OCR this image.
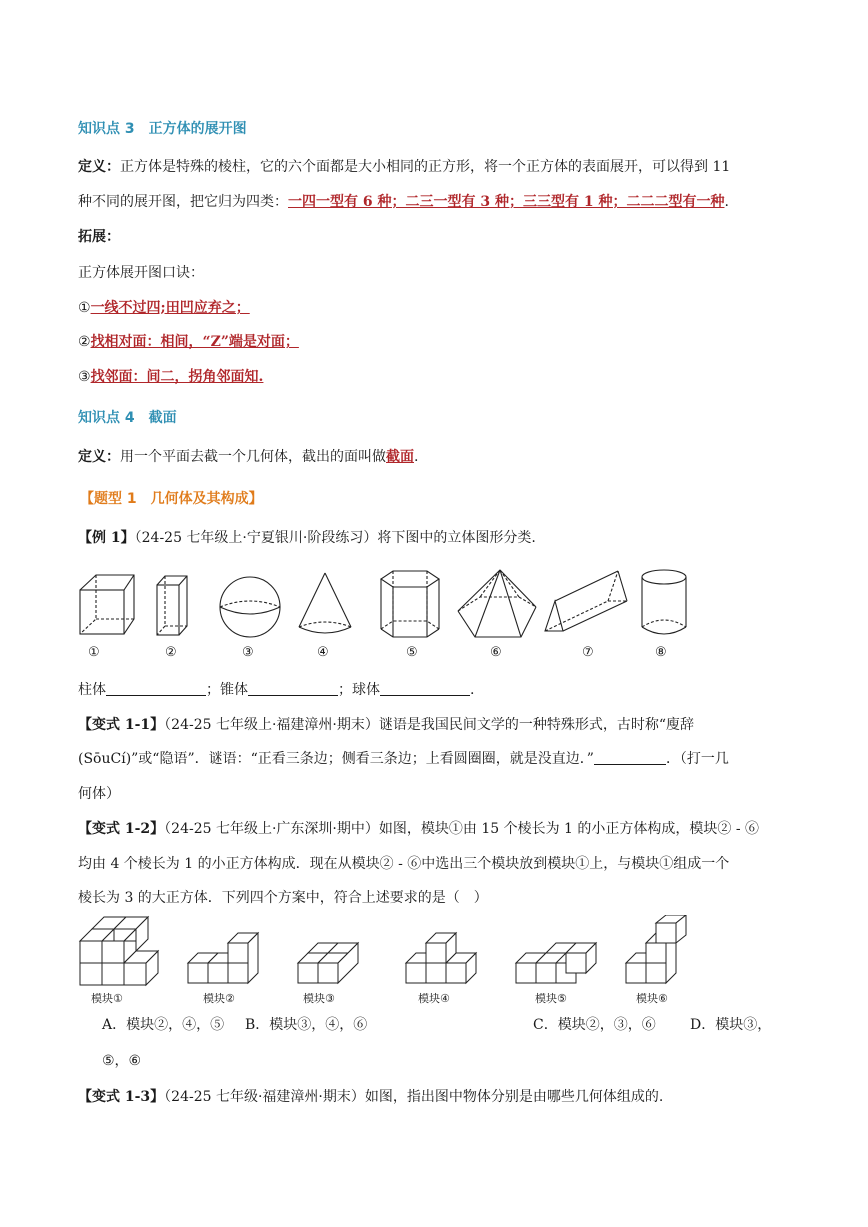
知识点 3 正方体的展开图
定义：正方体是特殊的棱柱，它的六个面都是大小相同的正方形，将一个正方体的表面展开，可以得到 11
种不同的展开图，把它归为四类：一四一型有 6 种；二三一型有 3 种；三三型有 1 种；二二二型有一种.
拓展：
正方体展开图口诀：
①一线不过四;田凹应弃之；
②找相对面：相间，“Z”端是对面；
③找邻面：间二，拐角邻面知.
知识点 4 截面
定义：用一个平面去截一个几何体，截出的面叫做截面.
【题型 1　几何体及其构成】
【例 1】（24-25 七年级上·宁夏银川·阶段练习）将下图中的立体图形分类.
①	②	③	④	⑤	⑥	⑦	⑧
柱体	；锥体	；球体	.
【变式 1-1】（24-25 七年级上·福建漳州·期末）谜语是我国民间文学的一种特殊形式，古时称“廋辞
(SōuCí)”或“隐语”．谜语：“正看三条边；侧看三条边；上看圆圈圈，就是没直边．”	．（打一几
何体）
【变式 1-2】（24-25 七年级上·广东深圳·期中）如图，模块①由 15 个棱长为 1 的小正方体构成，模块② - ⑥
均由 4 个棱长为 1 的小正方体构成．现在从模块② - ⑥中选出三个模块放到模块①上，与模块①组成一个
棱长为 3 的大正方体．下列四个方案中，符合上述要求的是（　）
模块①	模块②	模块③	模块④	模块⑤	模块⑥
A．模块②，④，⑤ B．模块③，④，⑥	C．模块②，③，⑥ D．模块③，
⑤，⑥
【变式 1-3】（24-25 七年级·福建漳州·期末）如图，指出图中物体分别是由哪些几何体组成的.
